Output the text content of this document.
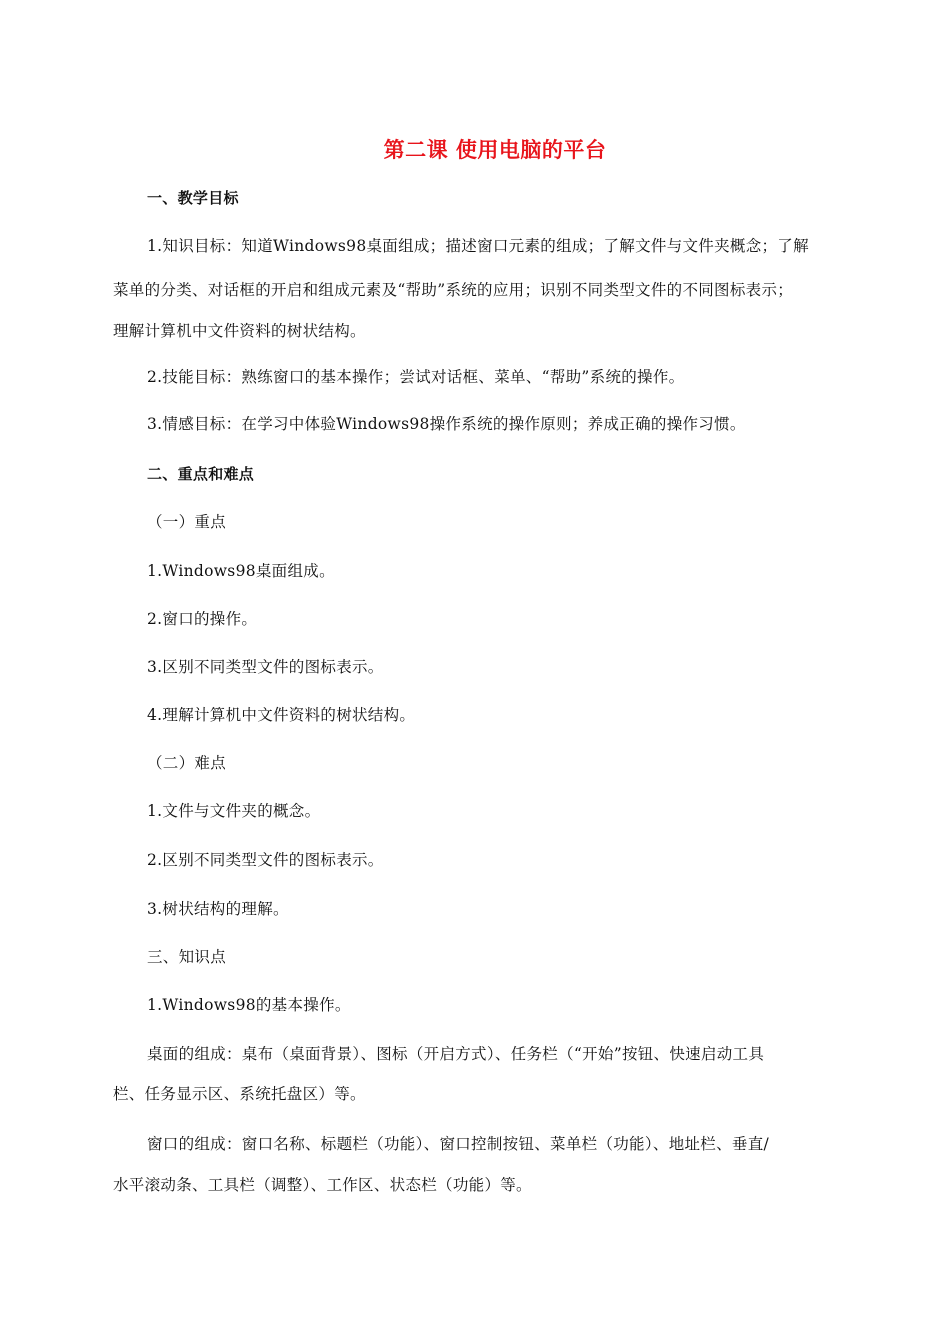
第二课 使用电脑的平台
一、教学目标
1.知识目标：知道Windows98桌面组成；描述窗口元素的组成；了解文件与文件夹概念；了解
菜单的分类、对话框的开启和组成元素及“帮助”系统的应用；识别不同类型文件的不同图标表示；
理解计算机中文件资料的树状结构。
2.技能目标：熟练窗口的基本操作；尝试对话框、菜单、“帮助”系统的操作。
3.情感目标：在学习中体验Windows98操作系统的操作原则；养成正确的操作习惯。
二、重点和难点
（一）重点
1.Windows98桌面组成。
2.窗口的操作。
3.区别不同类型文件的图标表示。
4.理解计算机中文件资料的树状结构。
（二）难点
1.文件与文件夹的概念。
2.区别不同类型文件的图标表示。
3.树状结构的理解。
三、知识点
1.Windows98的基本操作。
桌面的组成：桌布（桌面背景）、图标（开启方式）、任务栏（“开始”按钮、快速启动工具
栏、任务显示区、系统托盘区）等。
窗口的组成：窗口名称、标题栏（功能）、窗口控制按钮、菜单栏（功能）、地址栏、垂直/
水平滚动条、工具栏（调整）、工作区、状态栏（功能）等。
